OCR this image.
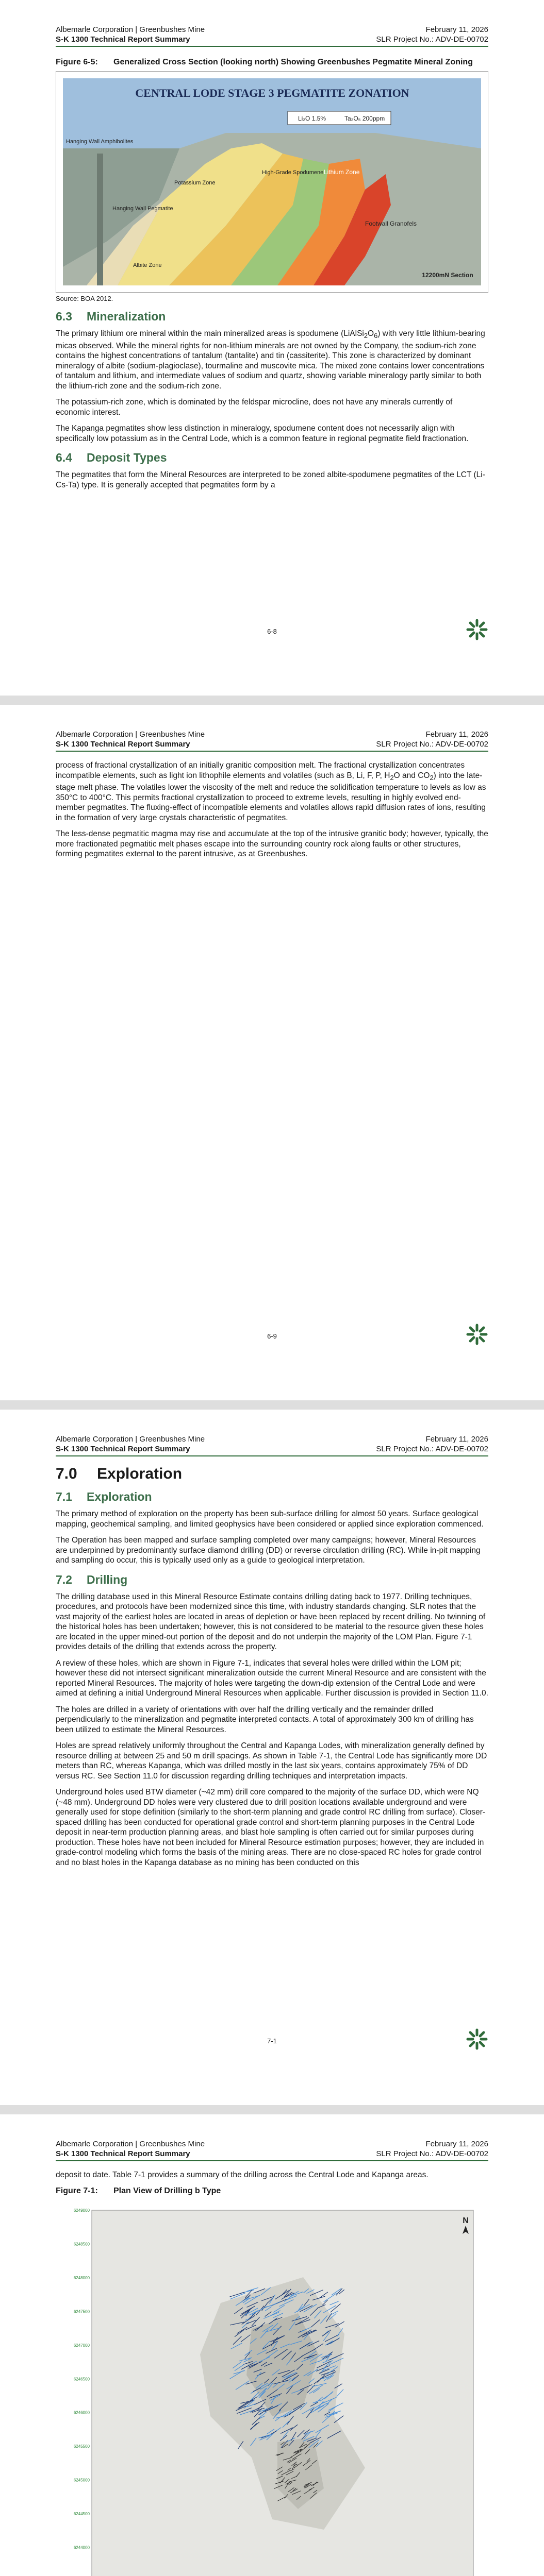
Albemarle Corporation | Greenbushes Mine	February 11, 2026
S-K 1300 Technical Report Summary	SLR Project No.: ADV-DE-00702
Figure 6-5:	Generalized Cross Section (looking north) Showing Greenbushes Pegmatite Mineral Zoning
CENTRAL LODE STAGE 3 PEGMATITE ZONATION
Li₂O 1.5%	Ta₂O₅ 200ppm
Hanging Wall Amphibolites
Footwall Granofels
High-Grade Spodumene Lithium Zone
Potassium Zone
Hanging Wall Pegmatite
Albite Zone
12200mN Section
Source: BOA 2012.
6.3 Mineralization

The primary lithium ore mineral within the main mineralized areas is spodumene $(LiAlSi_2O_6)$ with very little lithium-bearing micas observed. While the mineral rights for non-lithium minerals are not owned by the Company, the sodium-rich zone contains the highest concentrations of tantalum (tantalite) and tin (cassiterite). This zone is characterized by dominant mineralogy of albite (sodium-plagioclase), tourmaline and muscovite mica. The mixed zone contains lower concentrations of tantalum and lithium, and intermediate values of sodium and quartz, showing variable mineralogy partly similar to both the lithium-rich zone and the sodium-rich zone.

The potassium-rich zone, which is dominated by the feldspar microcline, does not have any minerals currently of economic interest.

The Kapanga pegmatites show less distinction in mineralogy, spodumene content does not necessarily align with specifically low potassium as in the Central Lode, which is a common feature in regional pegmatite field fractionation.

6.4 Deposit Types

The pegmatites that form the Mineral Resources are interpreted to be zoned albite-spodumene pegmatites of the LCT (Li-Cs-Ta) type. It is generally accepted that pegmatites form by a

6-8
Albemarle Corporation | Greenbushes Mine	February 11, 2026
S-K 1300 Technical Report Summary	SLR Project No.: ADV-DE-00702

process of fractional crystallization of an initially granitic composition melt. The fractional crystallization concentrates incompatible elements, such as light ion lithophile elements and volatiles (such as B, Li, F, P, $H_2O$ and $CO_2$) into the late-stage melt phase. The volatiles lower the viscosity of the melt and reduce the solidification temperature to levels as low as 350°C to 400°C. This permits fractional crystallization to proceed to extreme levels, resulting in highly evolved end-member pegmatites. The fluxing-effect of incompatible elements and volatiles allows rapid diffusion rates of ions, resulting in the formation of very large crystals characteristic of pegmatites.

The less-dense pegmatitic magma may rise and accumulate at the top of the intrusive granitic body; however, typically, the more fractionated pegmatitic melt phases escape into the surrounding country rock along faults or other structures, forming pegmatites external to the parent intrusive, as at Greenbushes.

6-9
Albemarle Corporation | Greenbushes Mine	February 11, 2026
S-K 1300 Technical Report Summary	SLR Project No.: ADV-DE-00702
7.0 Exploration
7.1 Exploration

The primary method of exploration on the property has been sub-surface drilling for almost 50 years. Surface geological mapping, geochemical sampling, and limited geophysics have been considered or applied since exploration commenced.

The Operation has been mapped and surface sampling completed over many campaigns; however, Mineral Resources are underpinned by predominantly surface diamond drilling (DD) or reverse circulation drilling (RC). While in-pit mapping and sampling do occur, this is typically used only as a guide to geological interpretation.

7.2 Drilling

The drilling database used in this Mineral Resource Estimate contains drilling dating back to 1977. Drilling techniques, procedures, and protocols have been modernized since this time, with industry standards changing. SLR notes that the vast majority of the earliest holes are located in areas of depletion or have been replaced by recent drilling. No twinning of the historical holes has been undertaken; however, this is not considered to be material to the resource given these holes are located in the upper mined-out portion of the deposit and do not underpin the majority of the LOM Plan. Figure 7-1 provides details of the drilling that extends across the property.

A review of these holes, which are shown in Figure 7-1, indicates that several holes were drilled within the LOM pit; however these did not intersect significant mineralization outside the current Mineral Resource and are consistent with the reported Mineral Resources. The majority of holes were targeting the down-dip extension of the Central Lode and were aimed at defining a initial Underground Mineral Resources when applicable. Further discussion is provided in Section 11.0.

The holes are drilled in a variety of orientations with over half the drilling vertically and the remainder drilled perpendicularly to the mineralization and pegmatite interpreted contacts. A total of approximately 300 km of drilling has been utilized to estimate the Mineral Resources.

Holes are spread relatively uniformly throughout the Central and Kapanga Lodes, with mineralization generally defined by resource drilling at between 25 and 50 m drill spacings. As shown in Table 7-1, the Central Lode has significantly more DD meters than RC, whereas Kapanga, which was drilled mostly in the last six years, contains approximately 75% of DD versus RC. See Section 11.0 for discussion regarding drilling techniques and interpretation impacts.

Underground holes used BTW diameter (~42 mm) drill core compared to the majority of the surface DD, which were NQ (~48 mm). Underground DD holes were very clustered due to drill position locations available underground and were generally used for stope definition (similarly to the short-term planning and grade control RC drilling from surface). Closer-spaced drilling has been conducted for operational grade control and short-term planning purposes in the Central Lode deposit in near-term production planning areas, and blast hole sampling is often carried out for similar purposes during production. These holes have not been included for Mineral Resource estimation purposes; however, they are included in grade-control modeling which forms the basis of the mining areas. There are no close-spaced RC holes for grade control and no blast holes in the Kapanga database as no mining has been conducted on this

7-1
Albemarle Corporation | Greenbushes Mine	February 11, 2026
S-K 1300 Technical Report Summary	SLR Project No.: ADV-DE-00702

deposit to date. Table 7-1 provides a summary of the drilling across the Central Lode and Kapanga areas.

Figure 7-1:	Plan View of Drilling b Type
6249000
6248500
6248000
6247500
6247000
6246500
6246000
6245500
6245000
6244500
6244000
N
